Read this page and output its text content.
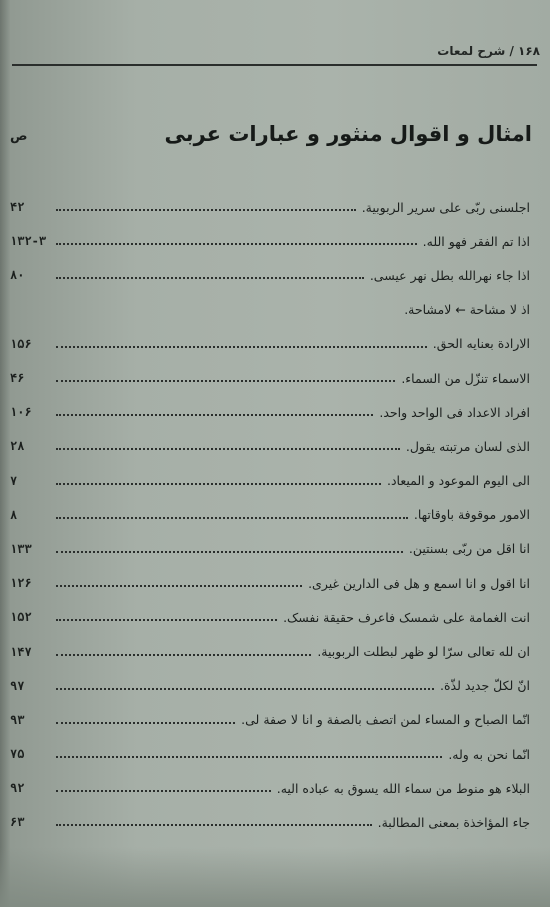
۱۶۸ / شرح لمعات
ص	امثال و اقوال منثور و عبارات عربی
۴۲	اجلسنی ربّی علی سریر الربوبیة.
۱۳۲-۳	اذا تم الفقر فهو الله.
۸۰	اذا جاء نهرالله بطل نهر عیسی.
اذ لا مشاحة ← لامشاحة.
۱۵۶	الارادة بعنایه الحق.
۴۶	الاسماء تنزّل من السماء.
۱۰۶	افراد الاعداد فی الواحد واحد.
۲۸	الذی لسان مرتبته یقول.
۷	الی الیوم الموعود و المیعاد.
۸	الامور موقوفة باوقاتها.
۱۳۳	انا اقل من ربّی بسنتین.
۱۲۶	انا اقول و انا اسمع و هل فی الدارین غیری.
۱۵۲	انت الغمامة علی شمسک فاعرف حقیقة نفسک.
۱۴۷	ان لله تعالی سرّا لو ظهر لبطلت الربوبیة.
۹۷	انّ لکلّ جدید لذّة.
۹۳	انّما الصباح و المساء لمن اتصف بالصفة و انا لا صفة لی.
۷۵	انّما نحن به وله.
۹۲	البلاء هو منوط من سماء الله یسوق به عباده الیه.
۶۳	جاء المؤاخذة بمعنی المطالبة.
